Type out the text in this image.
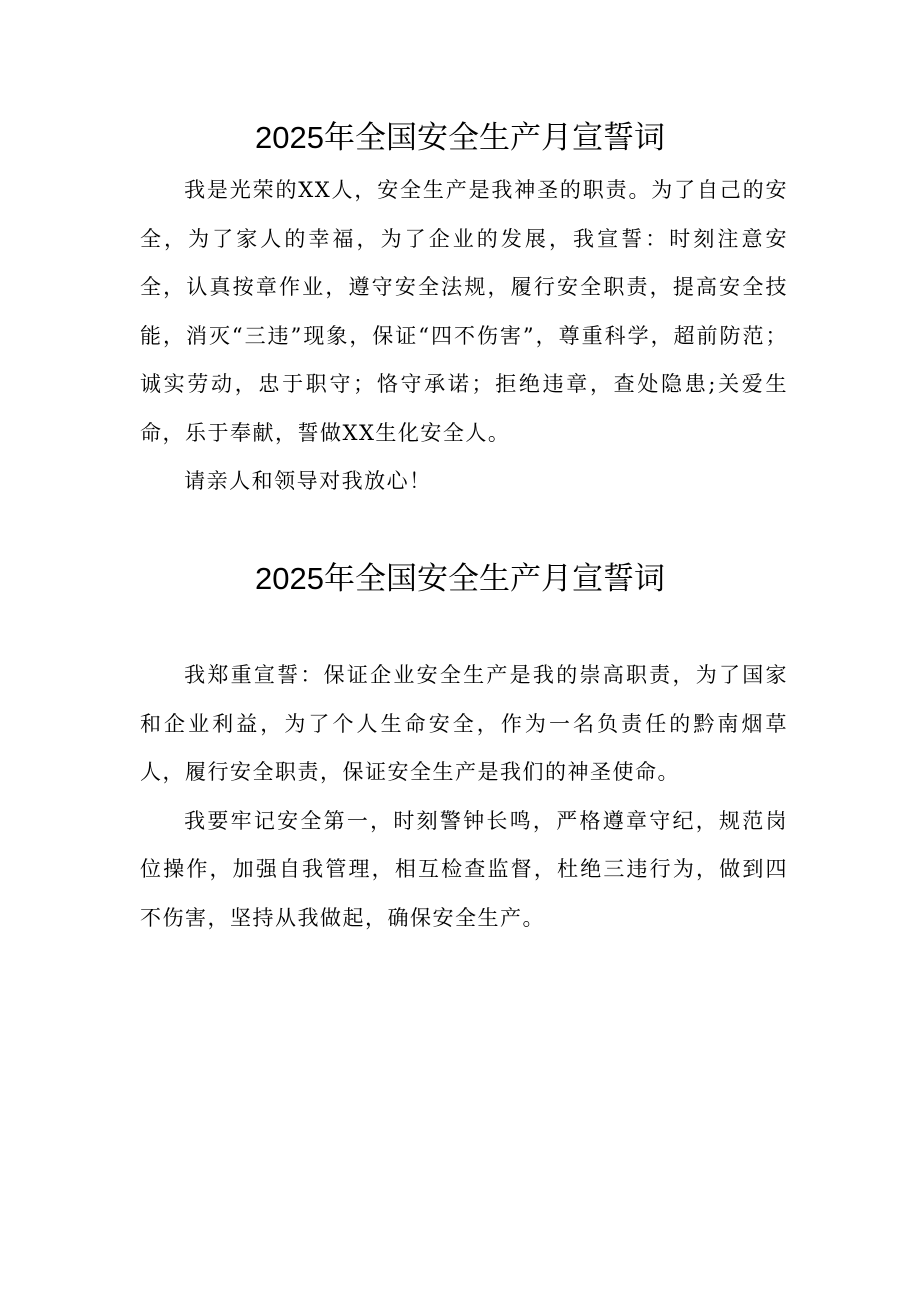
2025年全国安全生产月宣誓词

我是光荣的XX人，安全生产是我神圣的职责。为了自己的安全，为了家人的幸福，为了企业的发展，我宣誓：时刻注意安全，认真按章作业，遵守安全法规，履行安全职责，提高安全技能，消灭“三违”现象，保证“四不伤害”，尊重科学，超前防范；诚实劳动，忠于职守；恪守承诺；拒绝违章，查处隐患;关爱生命，乐于奉献，誓做XX生化安全人。

请亲人和领导对我放心！

2025年全国安全生产月宣誓词

我郑重宣誓：保证企业安全生产是我的崇高职责，为了国家和企业利益，为了个人生命安全，作为一名负责任的黔南烟草人，履行安全职责，保证安全生产是我们的神圣使命。

我要牢记安全第一，时刻警钟长鸣，严格遵章守纪，规范岗位操作，加强自我管理，相互检查监督，杜绝三违行为，做到四不伤害，坚持从我做起，确保安全生产。
